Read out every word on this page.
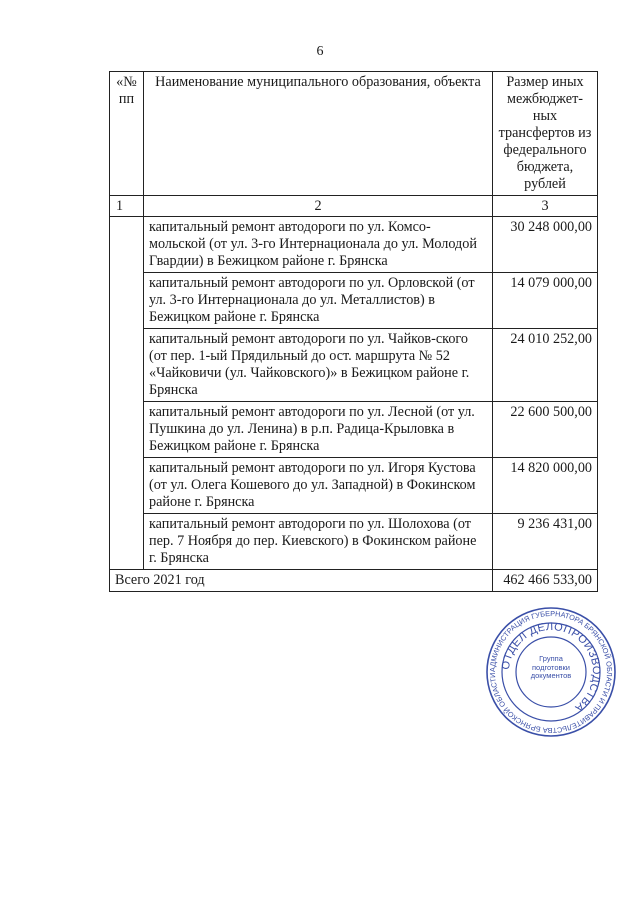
6
«№ пп	Наименование муниципального образования, объекта	Размер иных межбюджет-ных трансфертов из федерального бюджета, рублей
1	2	3
	капитальный ремонт автодороги по ул. Комсо-мольской (от ул. 3-го Интернационала до ул. Молодой Гвардии) в Бежицком районе г. Брянска	30 248 000,00
	капитальный ремонт автодороги по ул. Орловской (от ул. 3-го Интернационала до ул. Металлистов) в Бежицком районе г. Брянска	14 079 000,00
	капитальный ремонт автодороги по ул. Чайков-ского (от пер. 1-ый Прядильный до ост. маршрута № 52 «Чайковичи (ул. Чайковского)» в Бежицком районе г. Брянска	24 010 252,00
	капитальный ремонт автодороги по ул. Лесной (от ул. Пушкина до ул. Ленина) в р.п. Радица-Крыловка в Бежицком районе г. Брянска	22 600 500,00
	капитальный ремонт автодороги по ул. Игоря Кустова (от ул. Олега Кошевого до ул. Западной) в Фокинском районе г. Брянска	14 820 000,00
	капитальный ремонт автодороги по ул. Шолохова (от пер. 7 Ноября до пер. Киевского) в Фокинском районе г. Брянска	9 236 431,00
Всего 2021 год		462 466 533,00
АДМИНИСТРАЦИЯ ГУБЕРНАТОРА БРЯНСКОЙ ОБЛАСТИ И ПРАВИТЕЛЬСТВА БРЯНСКОЙ ОБЛАСТИ
ОТДЕЛ ДЕЛОПРОИЗВОДСТВА
Группа подготовки документов
